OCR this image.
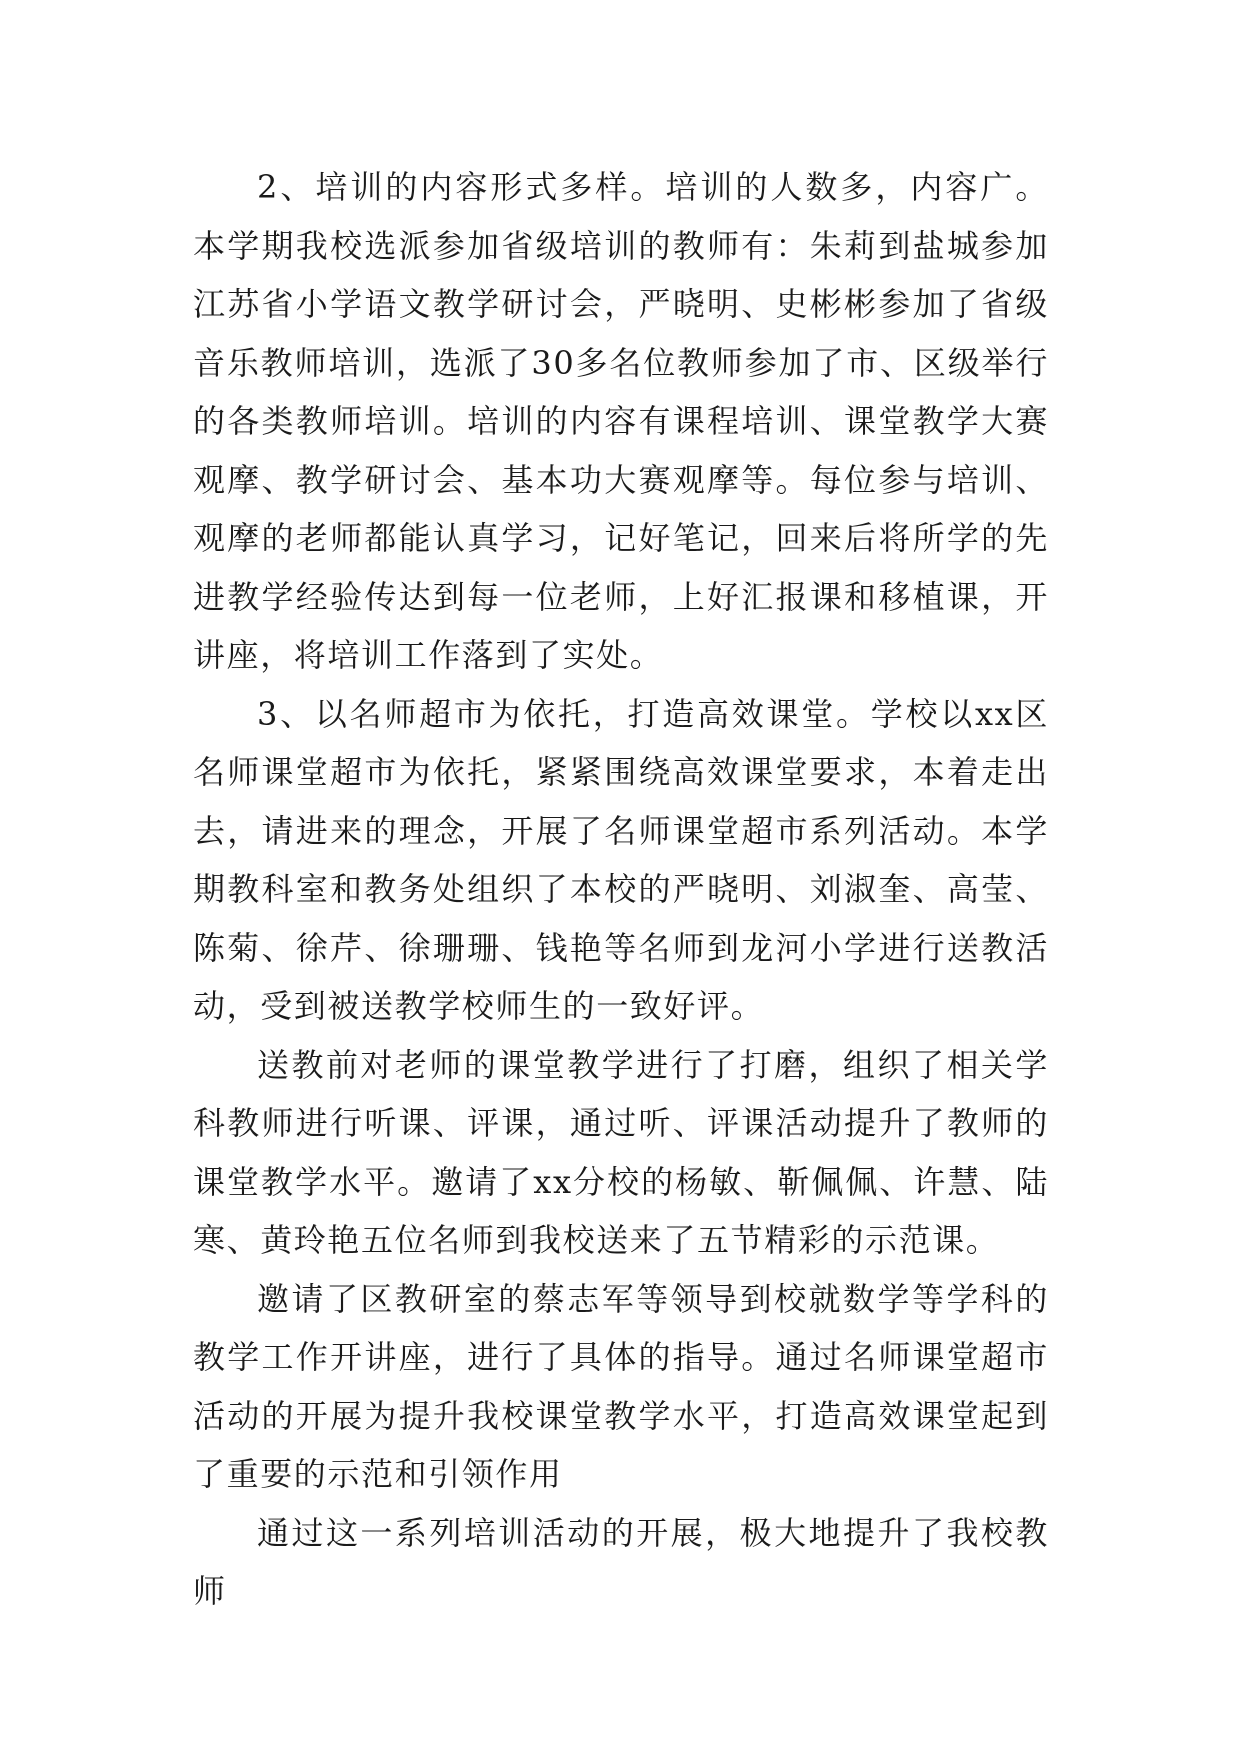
2、培训的内容形式多样。培训的人数多，内容广。本学期我校选派参加省级培训的教师有：朱莉到盐城参加江苏省小学语文教学研讨会，严晓明、史彬彬参加了省级音乐教师培训，选派了30多名位教师参加了市、区级举行的各类教师培训。培训的内容有课程培训、课堂教学大赛观摩、教学研讨会、基本功大赛观摩等。每位参与培训、观摩的老师都能认真学习，记好笔记，回来后将所学的先进教学经验传达到每一位老师，上好汇报课和移植课，开讲座，将培训工作落到了实处。

3、以名师超市为依托，打造高效课堂。学校以xx区名师课堂超市为依托，紧紧围绕高效课堂要求，本着走出去，请进来的理念，开展了名师课堂超市系列活动。本学期教科室和教务处组织了本校的严晓明、刘淑奎、高莹、陈菊、徐芹、徐珊珊、钱艳等名师到龙河小学进行送教活动，受到被送教学校师生的一致好评。

送教前对老师的课堂教学进行了打磨，组织了相关学科教师进行听课、评课，通过听、评课活动提升了教师的课堂教学水平。邀请了xx分校的杨敏、靳佩佩、许慧、陆寒、黄玲艳五位名师到我校送来了五节精彩的示范课。

邀请了区教研室的蔡志军等领导到校就数学等学科的教学工作开讲座，进行了具体的指导。通过名师课堂超市活动的开展为提升我校课堂教学水平，打造高效课堂起到了重要的示范和引领作用

通过这一系列培训活动的开展，极大地提升了我校教师
